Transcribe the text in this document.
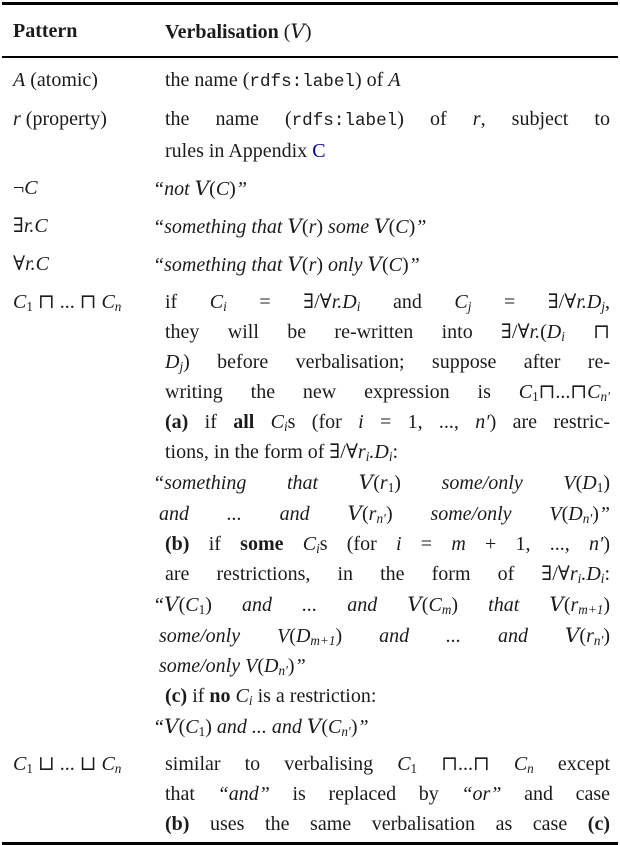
Pattern	Verbalisation (V)
A (atomic)	the name (rdfs:label) of A
r (property)	the name (rdfs:label) of r, subject to
rules in Appendix C
¬C	“not V(C)”
∃r.C	“something that V(r) some V(C)”
∀r.C	“something that V(r) only V(C)”
C1 ⊓ ... ⊓ Cn	if Ci = ∃/∀r.Di and Cj = ∃/∀r.Dj,
they will be re-written into ∃/∀r.(Di ⊓
Dj) before verbalisation; suppose after re-
writing the new expression is C1⊓...⊓Cn′
(a) if all Cis (for i = 1, ..., n′) are restric-
tions, in the form of ∃/∀ri.Di:
“something that V(r1) some/only V(D1)
and ... and V(rn′) some/only V(Dn′)”
(b) if some Cis (for i = m + 1, ..., n′)
are restrictions, in the form of ∃/∀ri.Di:
“V(C1) and ... and V(Cm) that V(rm+1)
some/only V(Dm+1) and ... and V(rn′)
some/only V(Dn′)”
(c) if no Ci is a restriction:
“V(C1) and ... and V(Cn′)”
C1 ⊔ ... ⊔ Cn	similar to verbalising C1 ⊓...⊓ Cn except
that “and” is replaced by “or” and case
(b) uses the same verbalisation as case (c)
